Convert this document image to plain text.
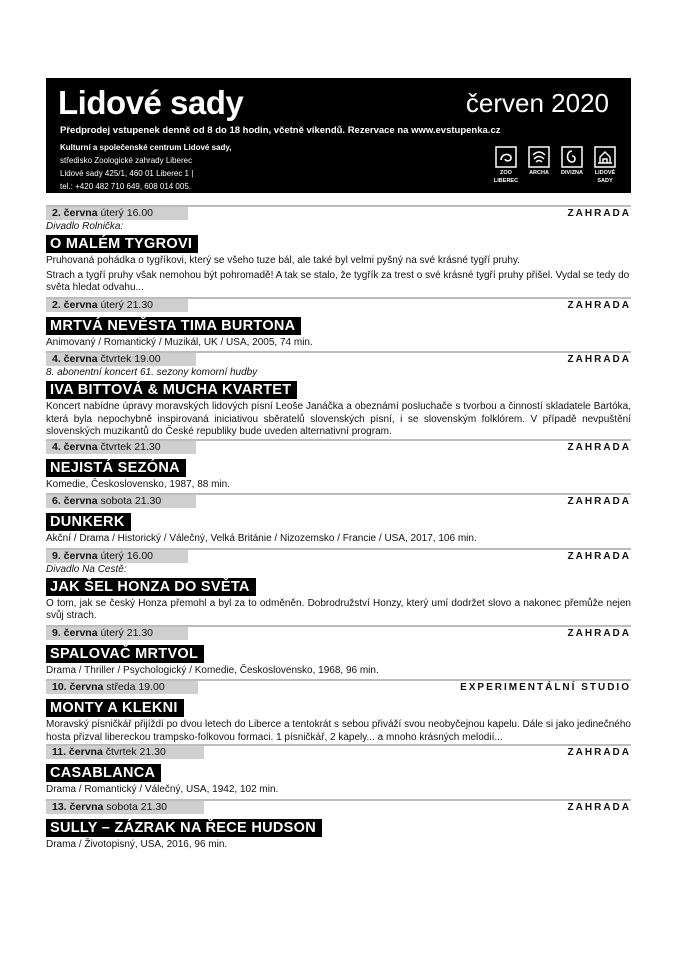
Lidové sady	červen 2020
Předprodej vstupenek denně od 8 do 18 hodin, včetně víkendů. Rezervace na www.evstupenka.cz
Kulturní a společenské centrum Lidové sady,
středisko Zoologické zahrady Liberec
Lidové sady 425/1, 460 01 Liberec 1 |
tel.: +420 482 710 649, 608 014 005.
ZOO
LIBEREC
ARCHA	DIVIZNA	LIDOVÉ
SADY
2. června úterý 16.00	ZAHRADA
Divadlo Rolnička:
O MALÉM TYGROVI
Pruhovaná pohádka o tygříkovi, který se všeho tuze bál, ale také byl velmi pyšný na své krásné tygří pruhy.
Strach a tygří pruhy však nemohou být pohromadě! A tak se stalo, že tygřík za trest o své krásné tygří pruhy přišel. Vydal se tedy do světa hledat odvahu...
2. června úterý 21.30	ZAHRADA
MRTVÁ NEVĚSTA TIMA BURTONA
Animovaný / Romantický / Muzikál, UK / USA, 2005, 74 min.
4. června čtvrtek 19.00	ZAHRADA
8. abonentní koncert 61. sezony komorní hudby
IVA BITTOVÁ & MUCHA KVARTET
Koncert nabídne úpravy moravských lidových písní Leoše Janáčka a obeznámí posluchače s tvorbou a činností skladatele Bartóka, která byla nepochybně inspirovaná iniciativou sběratelů slovenských písní, i se slovenským folklórem. V případě nevpuštění slovenských muzikantů do České republiky bude uveden alternativní program.
4. června čtvrtek 21.30	ZAHRADA
NEJISTÁ SEZÓNA
Komedie, Československo, 1987, 88 min.
6. června sobota 21.30	ZAHRADA
DUNKERK
Akční / Drama / Historický / Válečný, Velká Británie / Nizozemsko / Francie / USA, 2017, 106 min.
9. června úterý 16.00	ZAHRADA
Divadlo Na Cestě:
JAK ŠEL HONZA DO SVĚTA
O tom, jak se český Honza přemohl a byl za to odměněn. Dobrodružství Honzy, který umí dodržet slovo a nakonec přemůže nejen svůj strach.
9. června úterý 21.30	ZAHRADA
SPALOVAČ MRTVOL
Drama / Thriller / Psychologický / Komedie, Československo, 1968, 96 min.
10. června středa 19.00	EXPERIMENTÁLNÍ STUDIO
MONTY A KLEKNI
Moravský písničkář přijíždí po dvou letech do Liberce a tentokrát s sebou přiváží svou neobyčejnou kapelu. Dále si jako jedinečného hosta přizval libereckou trampsko-folkovou formaci. 1 písničkář, 2 kapely... a mnoho krásných melodií...
11. června čtvrtek 21.30	ZAHRADA
CASABLANCA
Drama / Romantický / Válečný, USA, 1942, 102 min.
13. června sobota 21.30	ZAHRADA
SULLY – ZÁZRAK NA ŘECE HUDSON
Drama / Životopisný, USA, 2016, 96 min.
